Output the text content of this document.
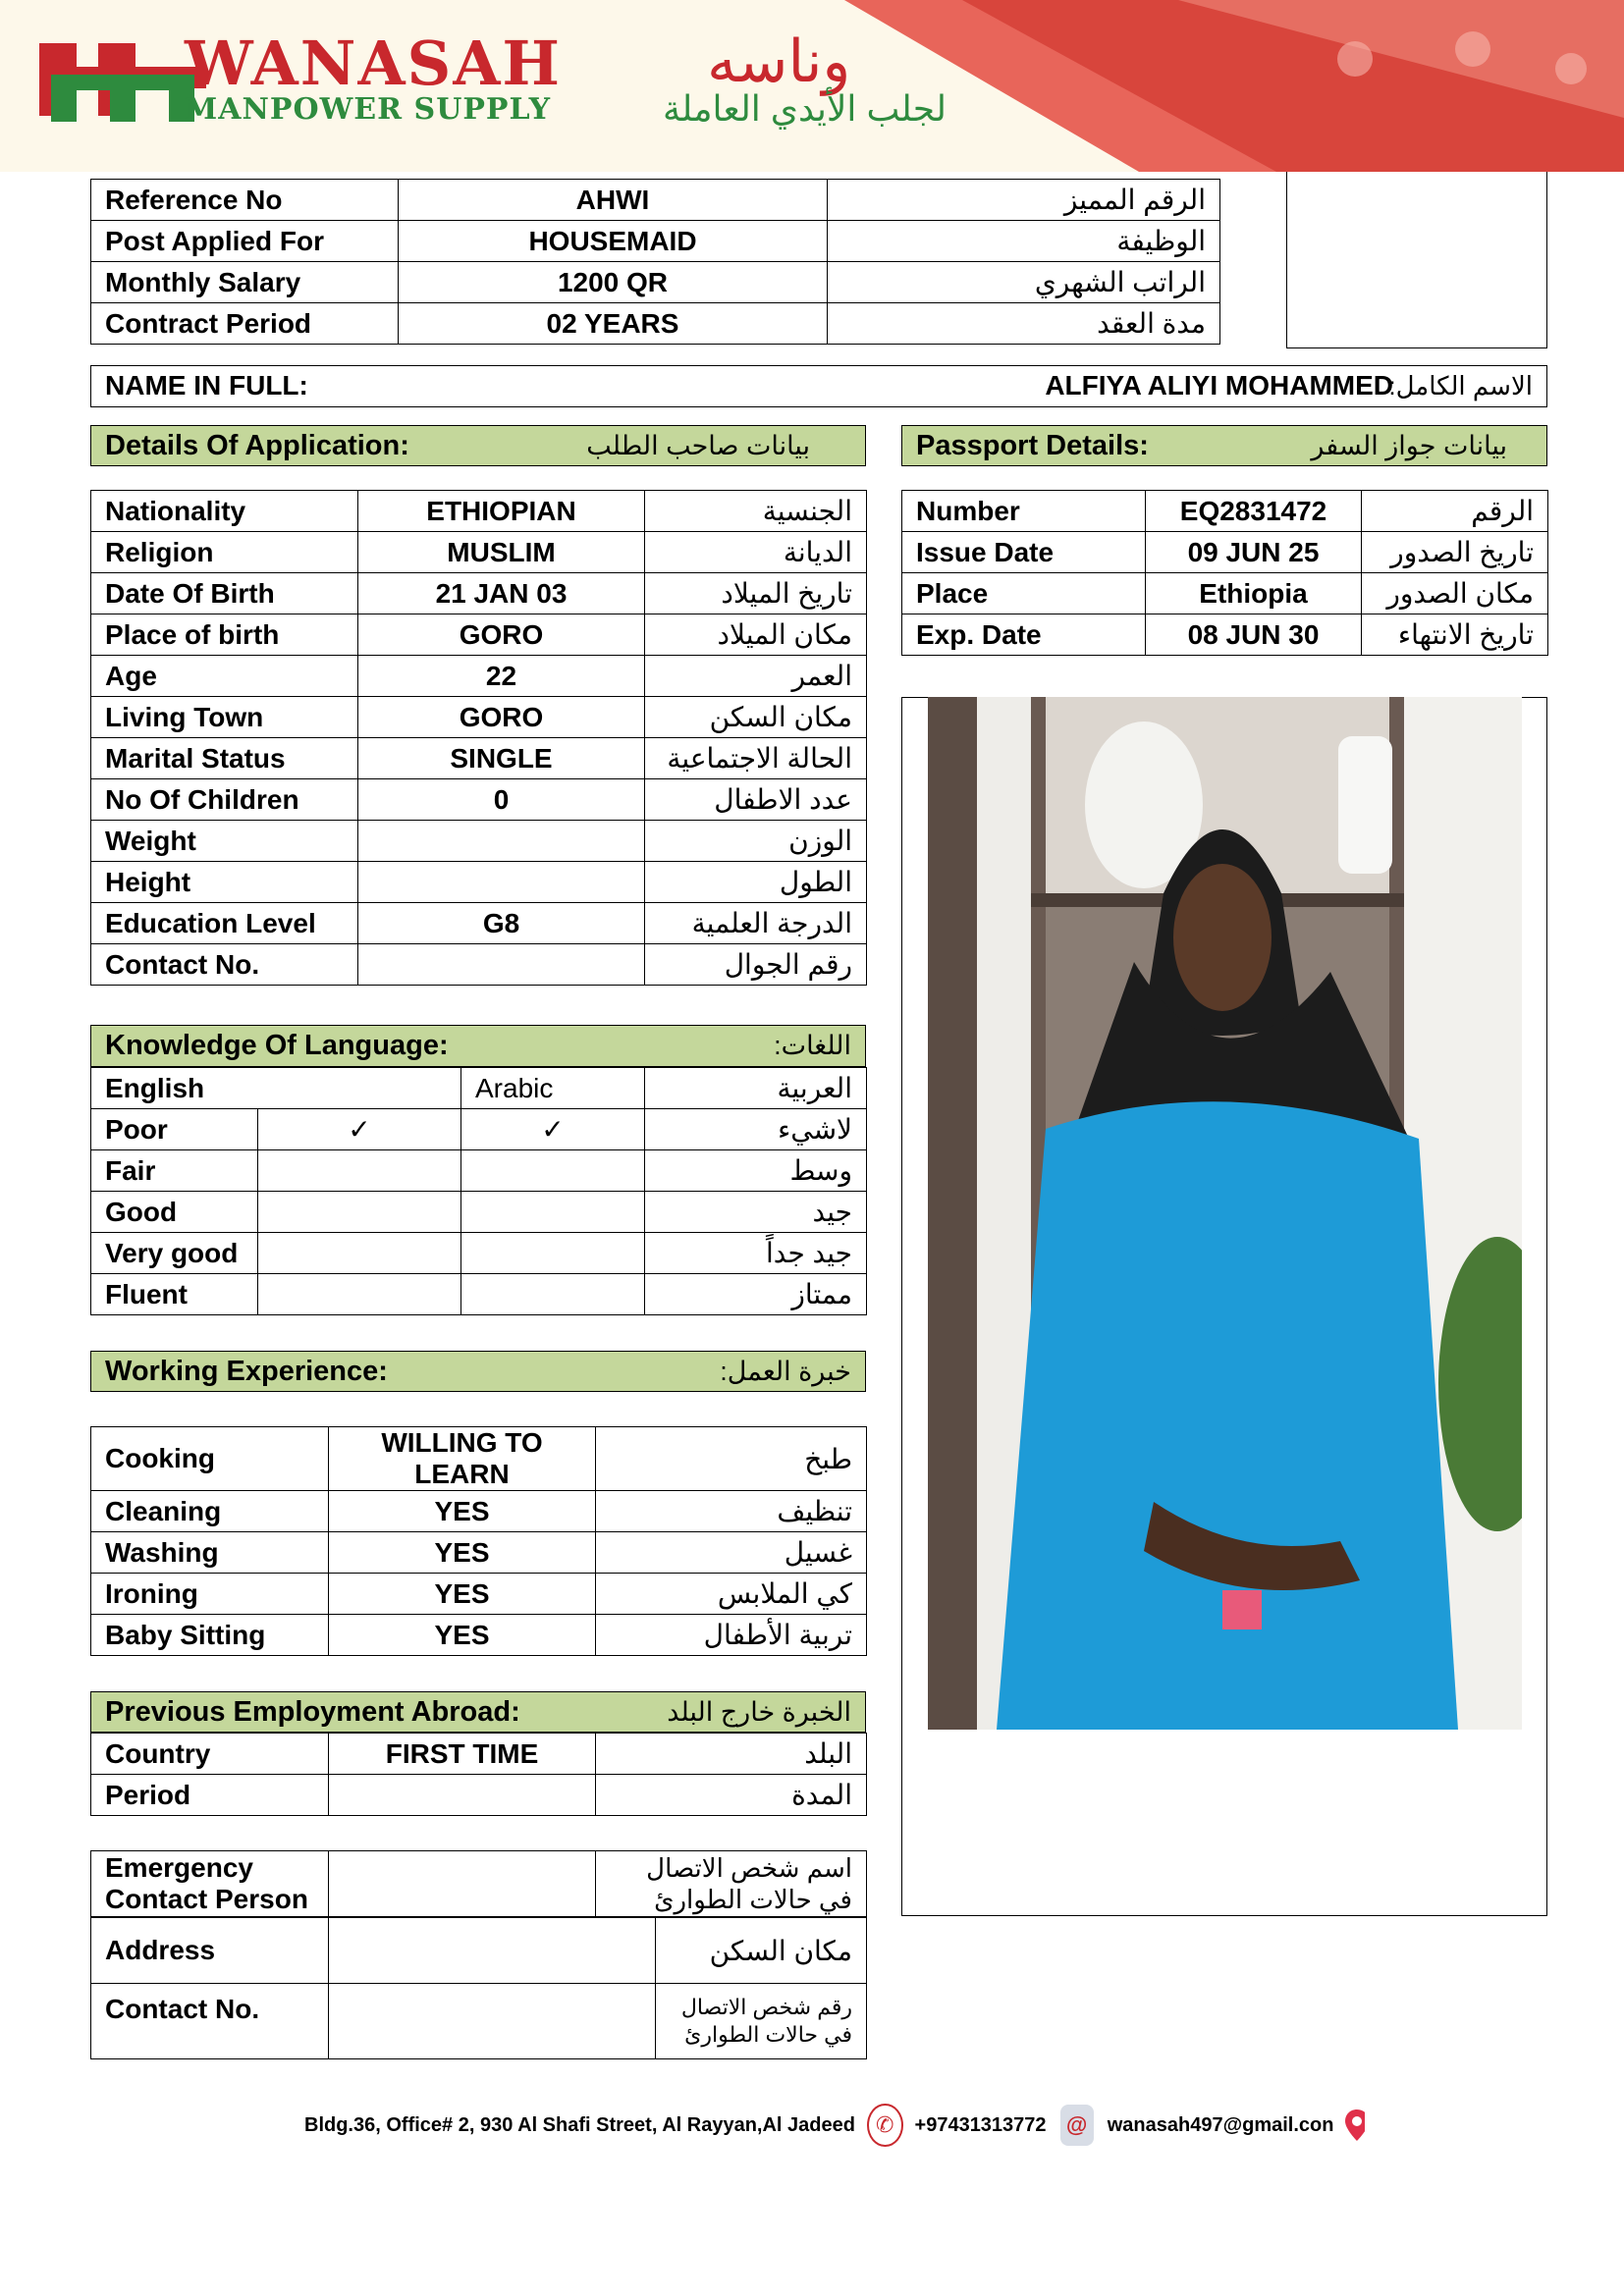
WANASAH وناسه
MANPOWER SUPPLY	لجلب الأيدي العاملة
Reference No	AHWI	الرقم المميز
Post Applied For	HOUSEMAID	الوظيفة
Monthly Salary	1200 QR	الراتب الشهري
Contract Period	02 YEARS	مدة العقد
NAME IN FULL:	ALFIYA ALIYI MOHAMMED
الاسم الكامل:
Details Of Application:	بيانات صاحب الطلب
Nationality	ETHIOPIAN	الجنسية
Religion	MUSLIM	الديانة
Date Of Birth	21 JAN 03	تاريخ الميلاد
Place of birth	GORO	مكان الميلاد
Age	22	العمر
Living Town	GORO	مكان السكن
Marital Status	SINGLE	الحالة الاجتماعية
No Of Children	0	عدد الاطفال
Weight		الوزن
Height		الطول
Education Level	G8	الدرجة العلمية
Contact No.		رقم الجوال
Passport Details:	بيانات جواز السفر
Number	EQ2831472	الرقم
Issue Date	09 JUN 25	تاريخ الصدور
Place	Ethiopia	مكان الصدور
Exp. Date	08 JUN 30	تاريخ الانتهاء
Knowledge Of Language:	اللغات:
English		Arabic	العربية
Poor	✓	✓	لاشيء
Fair			وسط
Good			جيد
Very good			جيد جداً
Fluent			ممتاز
Working Experience:	خبرة العمل:
Cooking	WILLING TO LEARN	طبخ
Cleaning	YES	تنظيف
Washing	YES	غسيل
Ironing	YES	كي الملابس
Baby Sitting	YES	تربية الأطفال
Previous Employment Abroad:	الخبرة خارج البلد
Country	FIRST TIME	البلد
Period		المدة
Emergency Contact Person		اسم شخص الاتصال في حالات الطوارئ
Address		مكان السكن
Contact No.		رقم شخص الاتصال في حالات الطوارئ
Bldg.36, Office# 2, 930 Al Shafi Street, Al Rayyan,Al Jadeed ✆	+97431313772 @	wanasah497@gmail.con
